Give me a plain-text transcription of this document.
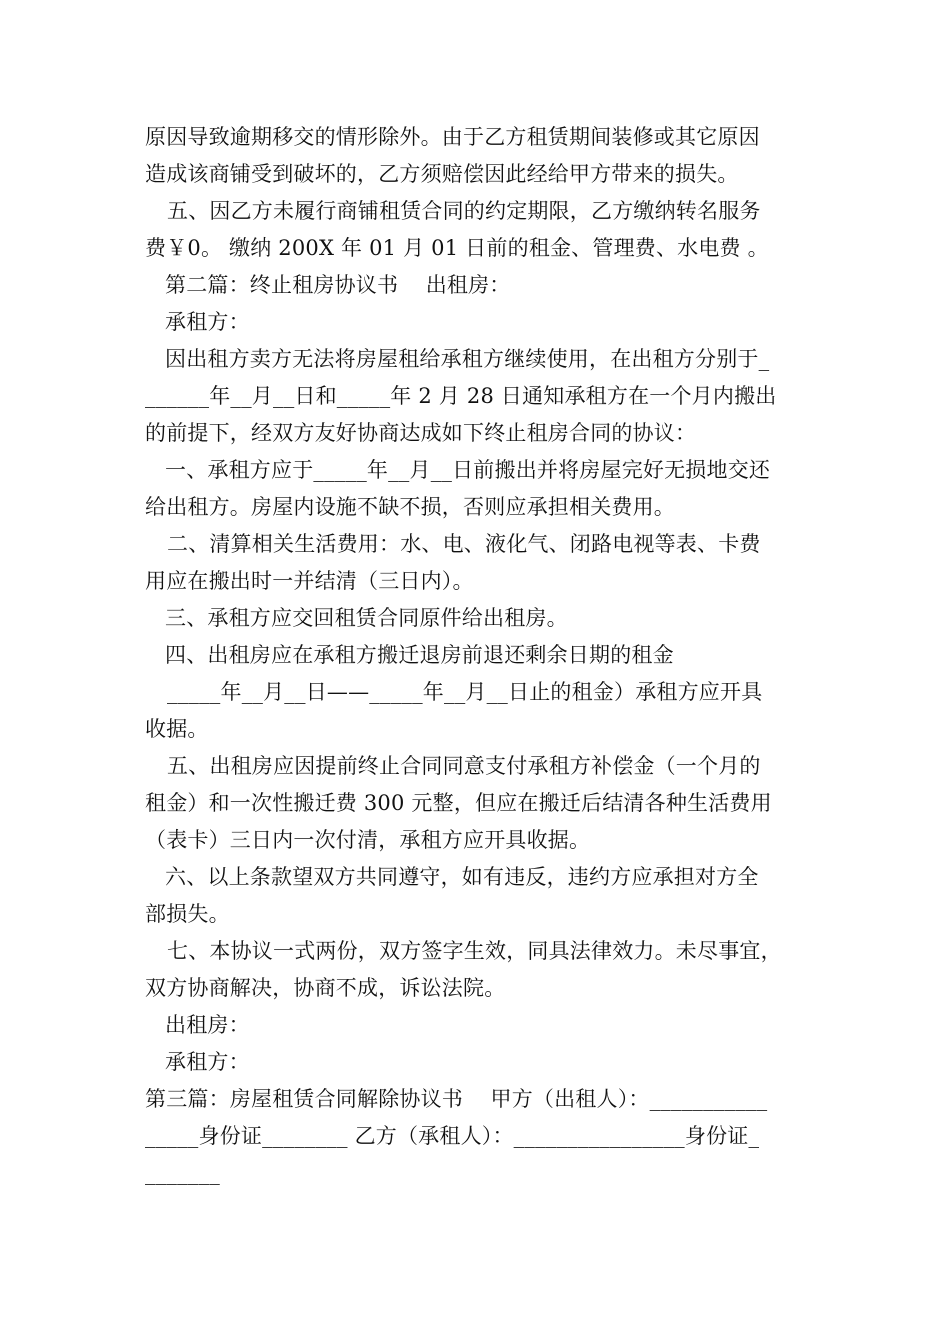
原因导致逾期移交的情形除外。由于乙方租赁期间装修或其它原因
造成该商铺受到破坏的，乙方须赔偿因此经给甲方带来的损失。
五、因乙方未履行商铺租赁合同的约定期限，乙方缴纳转名服务
费￥0。 缴纳 200X 年 01 月 01 日前的租金、管理费、水电费 。
第二篇：终止租房协议书    出租房：
承租方：
因出租方卖方无法将房屋租给承租方继续使用，在出租方分别于_
______年__月__日和_____年 2 月 28 日通知承租方在一个月内搬出
的前提下，经双方友好协商达成如下终止租房合同的协议：
一、承租方应于_____年__月__日前搬出并将房屋完好无损地交还
给出租方。房屋内设施不缺不损，否则应承担相关费用。
二、清算相关生活费用：水、电、液化气、闭路电视等表、卡费
用应在搬出时一并结清（三日内）。
三、承租方应交回租赁合同原件给出租房。
四、出租房应在承租方搬迁退房前退还剩余日期的租金
_____年__月__日——_____年__月__日止的租金）承租方应开具
收据。
五、出租房应因提前终止合同同意支付承租方补偿金（一个月的
租金）和一次性搬迁费 300 元整，但应在搬迁后结清各种生活费用
（表卡）三日内一次付清，承租方应开具收据。
六、以上条款望双方共同遵守，如有违反，违约方应承担对方全
部损失。
七、本协议一式两份，双方签字生效，同具法律效力。未尽事宜，
双方协商解决，协商不成，诉讼法院。
出租房：
承租方：
第三篇：房屋租赁合同解除协议书    甲方（出租人）：___________
_____身份证________ 乙方（承租人）：________________身份证_
_______
